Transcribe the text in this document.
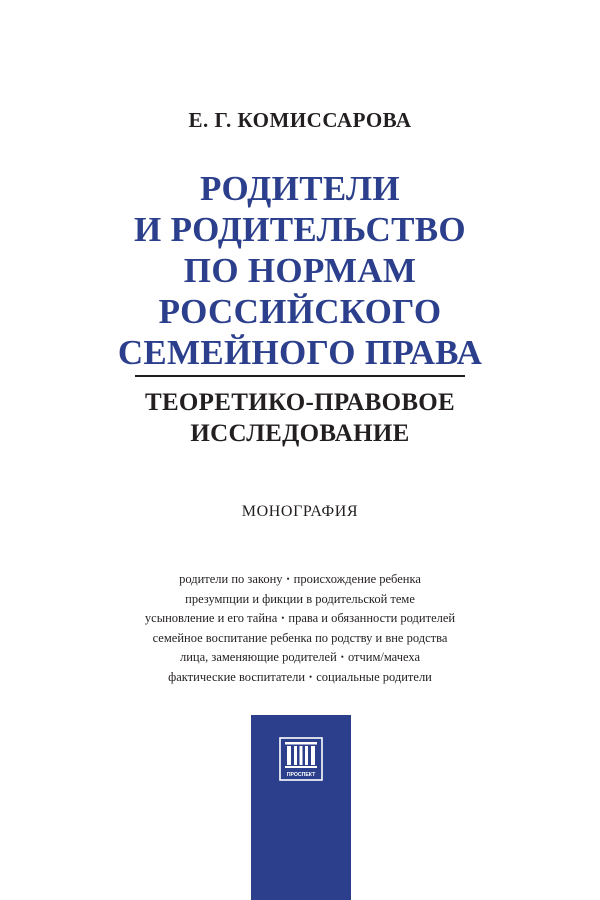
Е. Г. КОМИССАРОВА
РОДИТЕЛИ
И РОДИТЕЛЬСТВО
ПО НОРМАМ
РОССИЙСКОГО
СЕМЕЙНОГО ПРАВА
ТЕОРЕТИКО-ПРАВОВОЕ
ИССЛЕДОВАНИЕ
МОНОГРАФИЯ
родители по закону • происхождение ребенка
презумпции и фикции в родительской теме
усыновление и его тайна • права и обязанности родителей
семейное воспитание ребенка по родству и вне родства
лица, заменяющие родителей • отчим/мачеха
фактические воспитатели • социальные родители
ПРОСПЕКТ
